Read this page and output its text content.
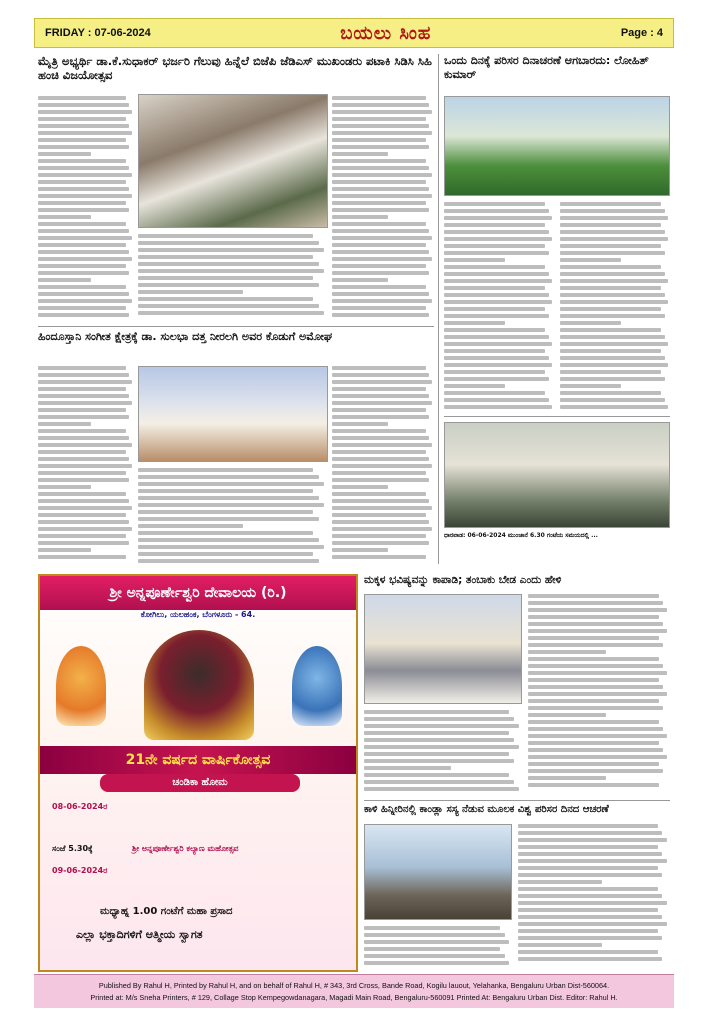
FRIDAY : 07-06-2024	ಬಯಲು ಸಿಂಹ	Page : 4
ಮೈತ್ರಿ ಅಭ್ಯರ್ಥಿ ಡಾ.ಕೆ.ಸುಧಾಕರ್ ಭರ್ಜರಿ ಗೆಲುವು ಹಿನ್ನೆಲೆ ಬಿಜೆಪಿ ಜೆಡಿಎಸ್ ಮುಖಂಡರು ಪಟಾಕಿ ಸಿಡಿಸಿ ಸಿಹಿ ಹಂಚಿ ವಿಜಯೋತ್ಸವ
ಹಿಂದೂಸ್ತಾನಿ ಸಂಗೀತ ಕ್ಷೇತ್ರಕ್ಕೆ ಡಾ. ಸುಲಭಾ ದತ್ತ ನೀರಲಗಿ ಅವರ ಕೊಡುಗೆ ಅಮೋಘ
ಒಂದು ದಿನಕ್ಕೆ ಪರಿಸರ ದಿನಾಚರಣೆ ಆಗಬಾರದು: ಲೋಹಿತ್ ಕುಮಾರ್
ಧಾರವಾಡ: 06-06-2024 ಮುಂಜಾನೆ 6.30 ಗಂಟೆಯ ಸಮಯದಲ್ಲಿ ...
ಶ್ರೀ ಅನ್ನಪೂರ್ಣೇಶ್ವರಿ ದೇವಾಲಯ (ರಿ.)
ಕೋಗಿಲು, ಯಲಹಂಕ, ಬೆಂಗಳೂರು - 64.
21ನೇ ವರ್ಷದ ವಾರ್ಷಿಕೋತ್ಸವ
ಚಂಡಿಕಾ ಹೋಮ
08-06-2024ರ
09-06-2024ರ
ಸಂಜೆ 5.30ಕ್ಕೆ	ಶ್ರೀ ಅನ್ನಪೂರ್ಣೇಶ್ವರಿ ಕಲ್ಯಾಣ ಮಹೋತ್ಸವ
ಮಧ್ಯಾಹ್ನ 1.00 ಗಂಟೆಗೆ ಮಹಾ ಪ್ರಸಾದ
ಎಲ್ಲಾ ಭಕ್ತಾದಿಗಳಿಗೆ ಆತ್ಮೀಯ ಸ್ವಾಗತ
ಮಕ್ಕಳ ಭವಿಷ್ಯವನ್ನು ಕಾಪಾಡಿ; ತಂಬಾಕು ಬೇಡ ಎಂದು ಹೇಳಿ
ಕಾಳಿ ಹಿನ್ನೀರಿನಲ್ಲಿ ಕಾಂಡ್ಲಾ ಸಸ್ಯ ನೆಡುವ ಮೂಲಕ ವಿಶ್ವ ಪರಿಸರ ದಿನದ ಆಚರಣೆ
Published By Rahul H, Printed by Rahul H, and on behalf of Rahul H, # 343, 3rd Cross, Bande Road, Kogilu lauout, Yelahanka, Bengaluru Urban Dist-560064.
Printed at: M/s Sneha Printers, # 129, Collage Stop Kempegowdanagara, Magadi Main Road, Bengaluru-560091 Printed At: Bengaluru Urban Dist. Editor: Rahul H.
